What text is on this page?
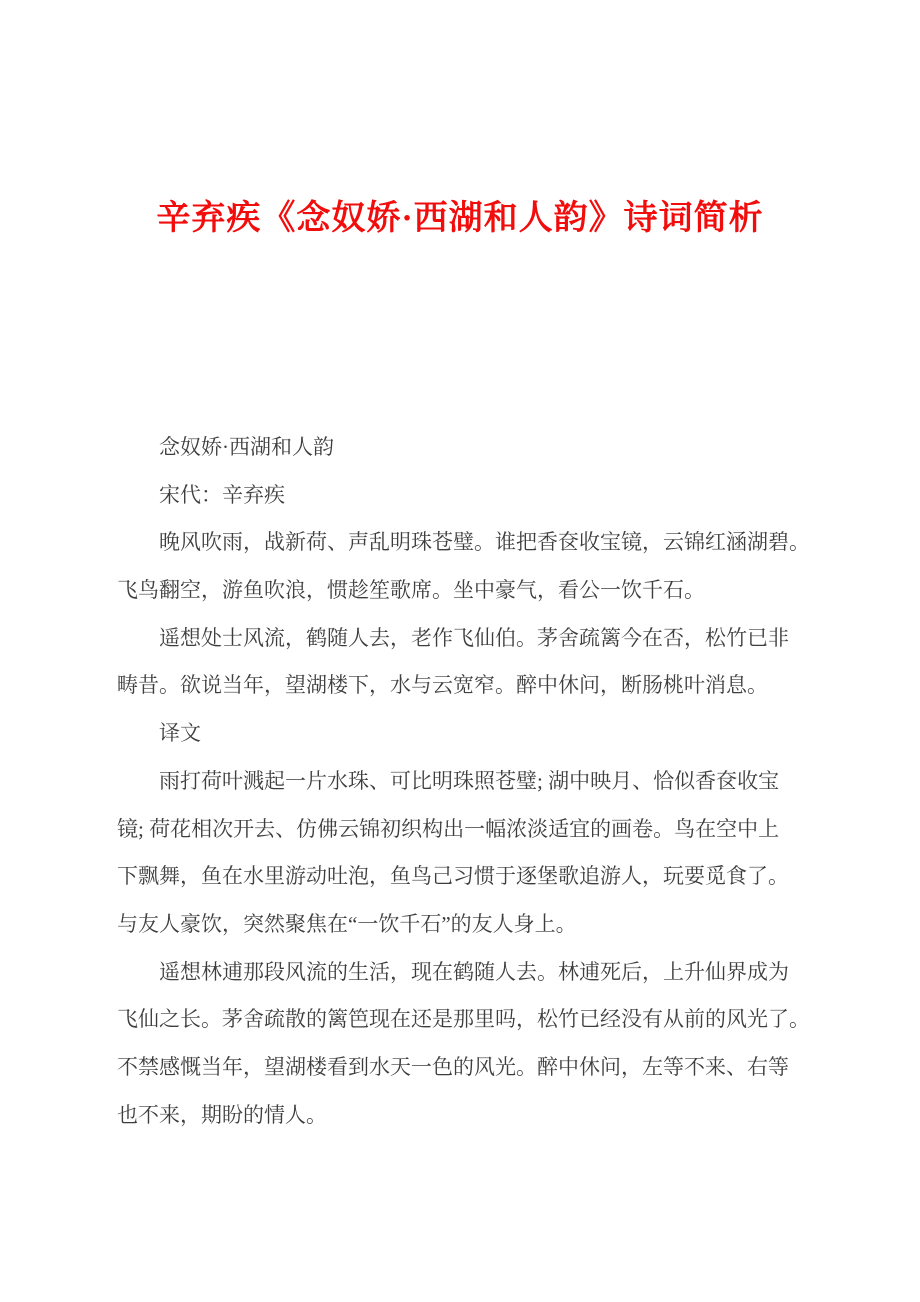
辛弃疾《念奴娇·西湖和人韵》诗词简析
念奴娇·西湖和人韵
宋代：辛弃疾
晚风吹雨，战新荷、声乱明珠苍璧。谁把香奁收宝镜，云锦红涵湖碧。
飞鸟翻空，游鱼吹浪，惯趁笙歌席。坐中豪气，看公一饮千石。
遥想处士风流，鹤随人去，老作飞仙伯。茅舍疏篱今在否，松竹已非
畴昔。欲说当年，望湖楼下，水与云宽窄。醉中休问，断肠桃叶消息。
译文
雨打荷叶溅起一片水珠、可比明珠照苍璧; 湖中映月、恰似香奁收宝
镜; 荷花相次开去、仿佛云锦初织构出一幅浓淡适宜的画卷。鸟在空中上
下飘舞，鱼在水里游动吐泡，鱼鸟己习惯于逐堡歌追游人，玩要觅食了。
与友人豪饮，突然聚焦在“一饮千石”的友人身上。
遥想林逋那段风流的生活，现在鹤随人去。林逋死后，上升仙界成为
飞仙之长。茅舍疏散的篱笆现在还是那里吗，松竹已经没有从前的风光了。
不禁感慨当年，望湖楼看到水天一色的风光。醉中休问，左等不来、右等
也不来，期盼的情人。
